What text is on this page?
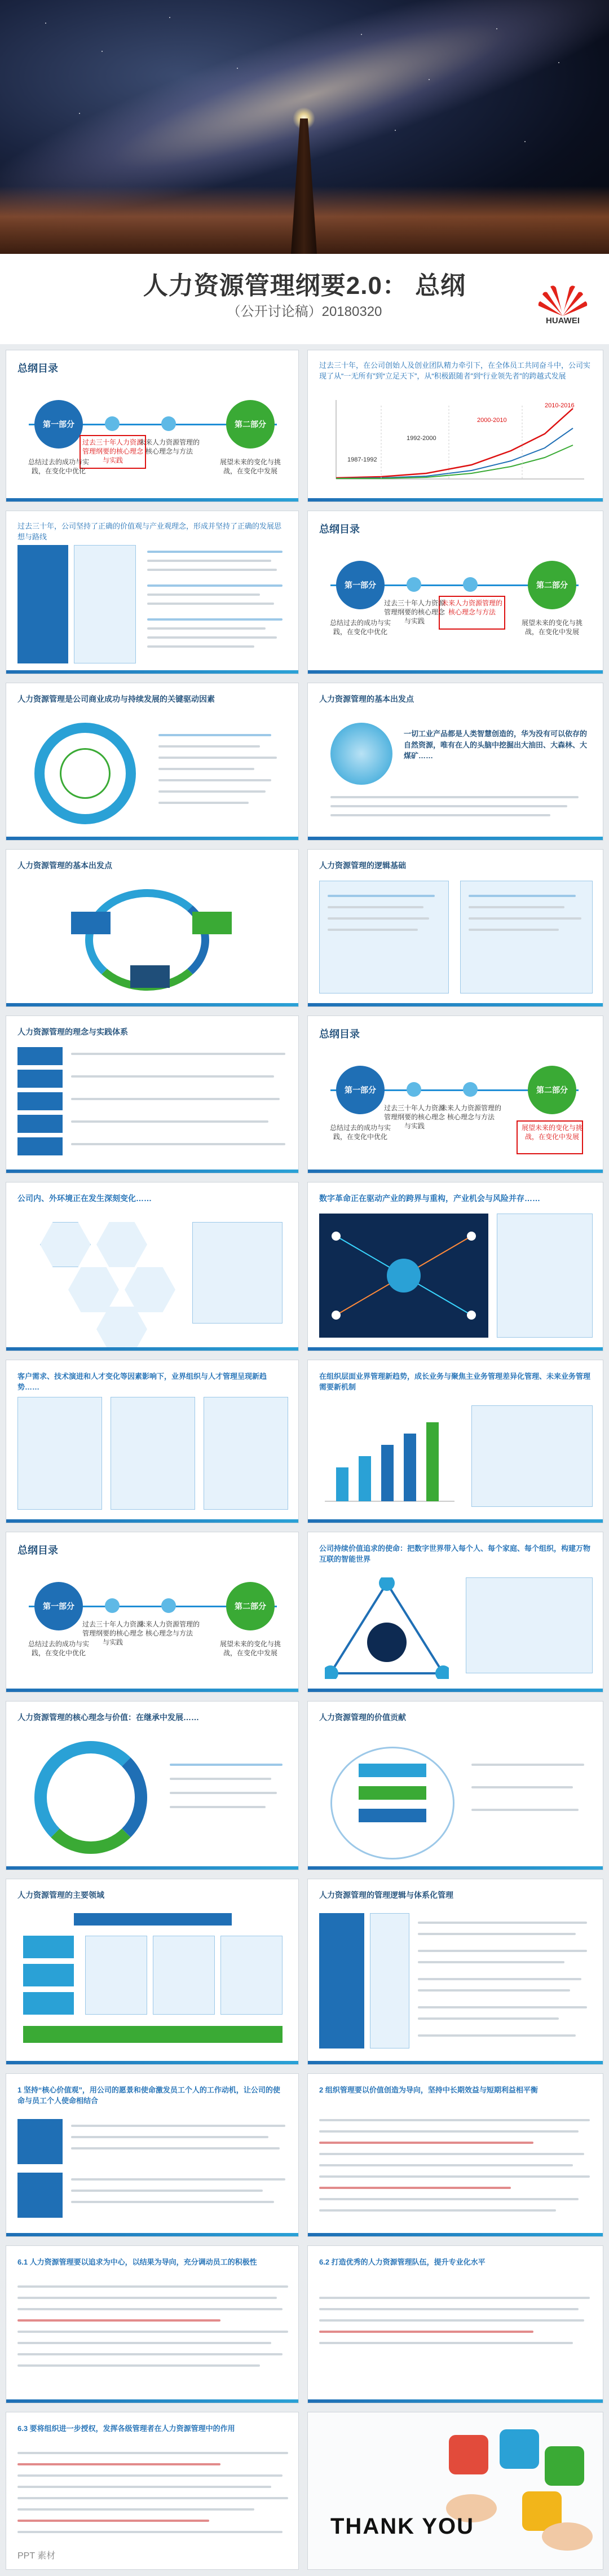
人力资源管理纲要2.0： 总纲
（公开讨论稿）20180320
HUAWEI
总纲目录
第一部分	第二部分
总结过去的成功与实践，在变化中优化
过去三十年人力资源管理纲要的核心理念与实践
未来人力资源管理的核心理念与方法
展望未来的变化与挑战，在变化中发展
过去三十年，在公司创始人及创业团队精力牵引下，在全体员工共同奋斗中，公司实现了从“一无所有”到“立足天下”，从“积极跟随者”到“行业领先者”的跨越式发展
1987-1992
1992-2000
2000-2010
2010-2016
过去三十年，公司坚持了正确的价值观与产业观理念，形成并坚持了正确的发展思想与路线
总纲目录
第一部分	第二部分
总结过去的成功与实践，在变化中优化
过去三十年人力资源管理纲要的核心理念与实践
未来人力资源管理的核心理念与方法
展望未来的变化与挑战，在变化中发展
人力资源管理是公司商业成功与持续发展的关键驱动因素	人力资源管理的基本出发点
一切工业产品都是人类智慧创造的，华为没有可以依存的自然资源，唯有在人的头脑中挖掘出大油田、大森林、大煤矿……
人力资源管理的基本出发点	人力资源管理的逻辑基础
人力资源管理的理念与实践体系	总纲目录
第一部分	第二部分
总结过去的成功与实践，在变化中优化
过去三十年人力资源管理纲要的核心理念与实践
未来人力资源管理的核心理念与方法
展望未来的变化与挑战，在变化中发展
公司内、外环境正在发生深刻变化……	数字革命正在驱动产业的跨界与重构，产业机会与风险并存……
客户需求、技术演进和人才变化等因素影响下，业界组织与人才管理呈现新趋势……
在组织层面业界管理新趋势，成长业务与聚焦主业务管理差异化管理、未来业务管理需要新机制
总纲目录
第一部分	第二部分
总结过去的成功与实践，在变化中优化
过去三十年人力资源管理纲要的核心理念与实践
未来人力资源管理的核心理念与方法
展望未来的变化与挑战，在变化中发展
公司持续价值追求的使命：把数字世界带入每个人、每个家庭、每个组织，构建万物互联的智能世界
人力资源管理的核心理念与价值：在继承中发展……	人力资源管理的价值贡献
人力资源管理的主要领域	人力资源管理的管理逻辑与体系化管理
1 坚持“核心价值观”，用公司的愿景和使命激发员工个人的工作动机，让公司的使命与员工个人使命相结合
2 组织管理要以价值创造为导向，坚持中长期效益与短期利益相平衡
6.1 人力资源管理要以追求为中心，以结果为导向，充分调动员工的积极性	6.2 打造优秀的人力资源管理队伍，提升专业化水平
6.3 要将组织进一步授权，发挥各级管理者在人力资源管理中的作用
PPT 素材
THANK YOU
